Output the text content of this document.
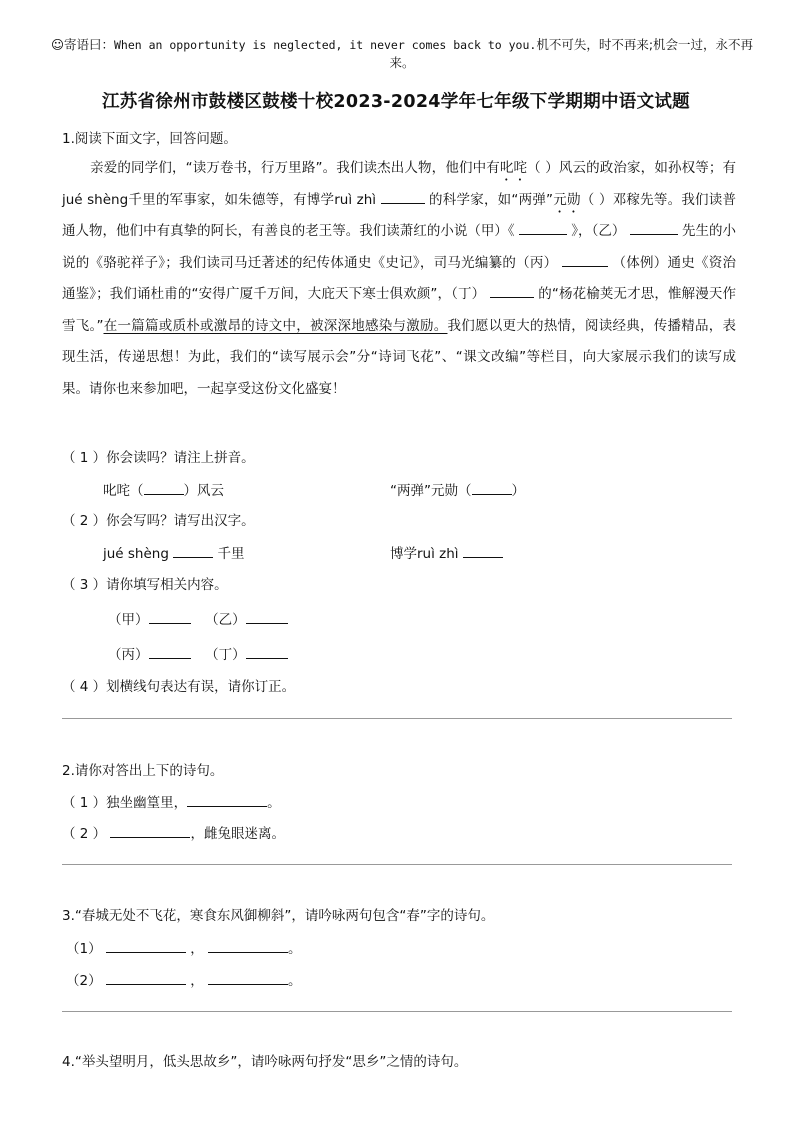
☺寄语曰：When an opportunity is neglected, it never comes back to you.机不可失，时不再来;机会一过，永不再来。
江苏省徐州市鼓楼区鼓楼十校2023-2024学年七年级下学期期中语文试题
1.阅读下面文字，回答问题。
亲爱的同学们，“读万卷书，行万里路”。我们读杰出人物，他们中有叱咤（ ）风云的政治家，如孙权等；有jué shèng千里的军事家，如朱德等，有博学ruì zhì	的科学家，如“两弹”元勋（ ）邓稼先等。我们读普通人物，他们中有真挚的阿长，有善良的老王等。我们读萧红的小说（甲）《	》，（乙）	先生的小说的《骆驼祥子》；我们读司马迁著述的纪传体通史《史记》，司马光编纂的（丙）	（体例）通史《资治通鉴》；我们诵杜甫的“安得广厦千万间，大庇天下寒士俱欢颜”，（丁）	的“杨花榆荚无才思，惟解漫天作雪飞。”在一篇篇或质朴或激昂的诗文中，被深深地感染与激励。我们愿以更大的热情，阅读经典，传播精品，表现生活，传递思想！为此，我们的“读写展示会”分“诗词飞花”、“课文改编”等栏目，向大家展示我们的读写成果。请你也来参加吧，一起享受这份文化盛宴！
（ 1 ）你会读吗？请注上拼音。
叱咤（	）风云	“两弹”元勋（	）
（ 2 ）你会写吗？请写出汉字。
jué shèng	千里	博学ruì zhì
（ 3 ）请你填写相关内容。
（甲）	（乙）
（丙）	（丁）
（ 4 ）划横线句表达有误，请你订正。
2.请你对答出上下的诗句。
（ 1 ）独坐幽篁里，	。
（ 2 ）	，雌兔眼迷离。
3.“春城无处不飞花，寒食东风御柳斜”，请吟咏两句包含“春”字的诗句。
（1）	，	。
（2）	，	。
4.“举头望明月，低头思故乡”，请吟咏两句抒发“思乡”之情的诗句。
